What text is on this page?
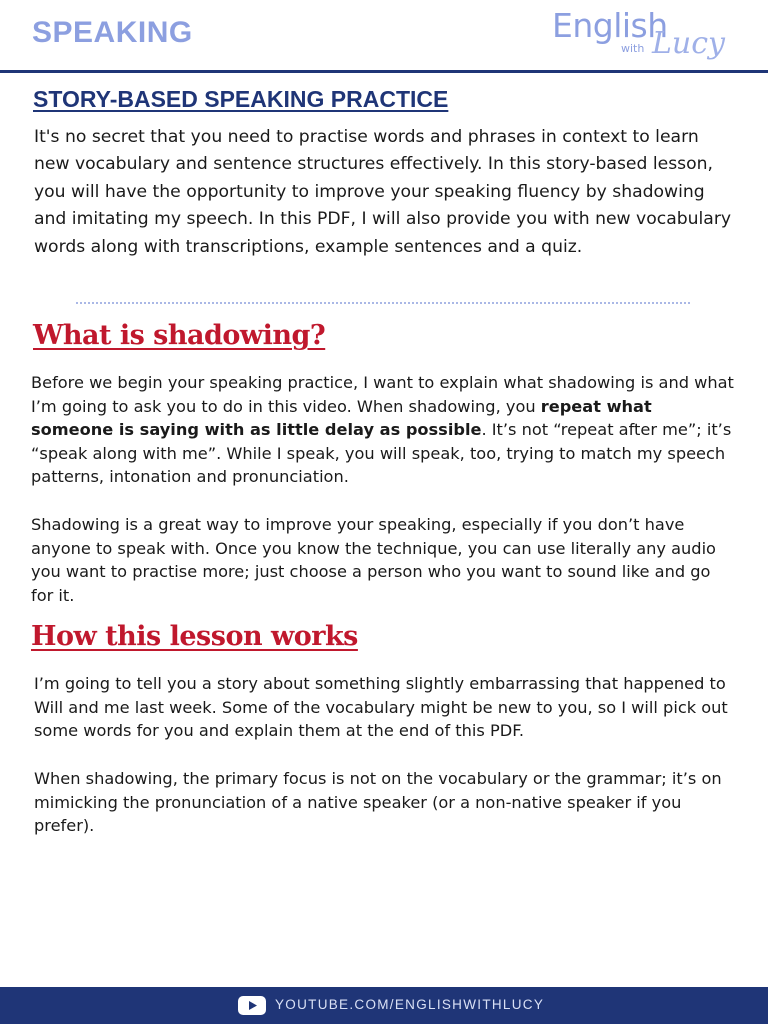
SPEAKING	English
with Lucy
STORY-BASED SPEAKING PRACTICE

It's no secret that you need to practise words and phrases in context to learn new vocabulary and sentence structures effectively. In this story-based lesson, you will have the opportunity to improve your speaking fluency by shadowing and imitating my speech. In this PDF, I will also provide you with new vocabulary words along with transcriptions, example sentences and a quiz.

What is shadowing?

Before we begin your speaking practice, I want to explain what shadowing is and what I’m going to ask you to do in this video. When shadowing, you repeat what someone is saying with as little delay as possible. It’s not “repeat after me”; it’s “speak along with me”. While I speak, you will speak, too, trying to match my speech patterns, intonation and pronunciation.

Shadowing is a great way to improve your speaking, especially if you don’t have anyone to speak with. Once you know the technique, you can use literally any audio you want to practise more; just choose a person who you want to sound like and go for it.

How this lesson works

I’m going to tell you a story about something slightly embarrassing that happened to Will and me last week. Some of the vocabulary might be new to you, so I will pick out some words for you and explain them at the end of this PDF.

When shadowing, the primary focus is not on the vocabulary or the grammar; it’s on mimicking the pronunciation of a native speaker (or a non-native speaker if you prefer).

YOUTUBE.COM/ENGLISHWITHLUCY
